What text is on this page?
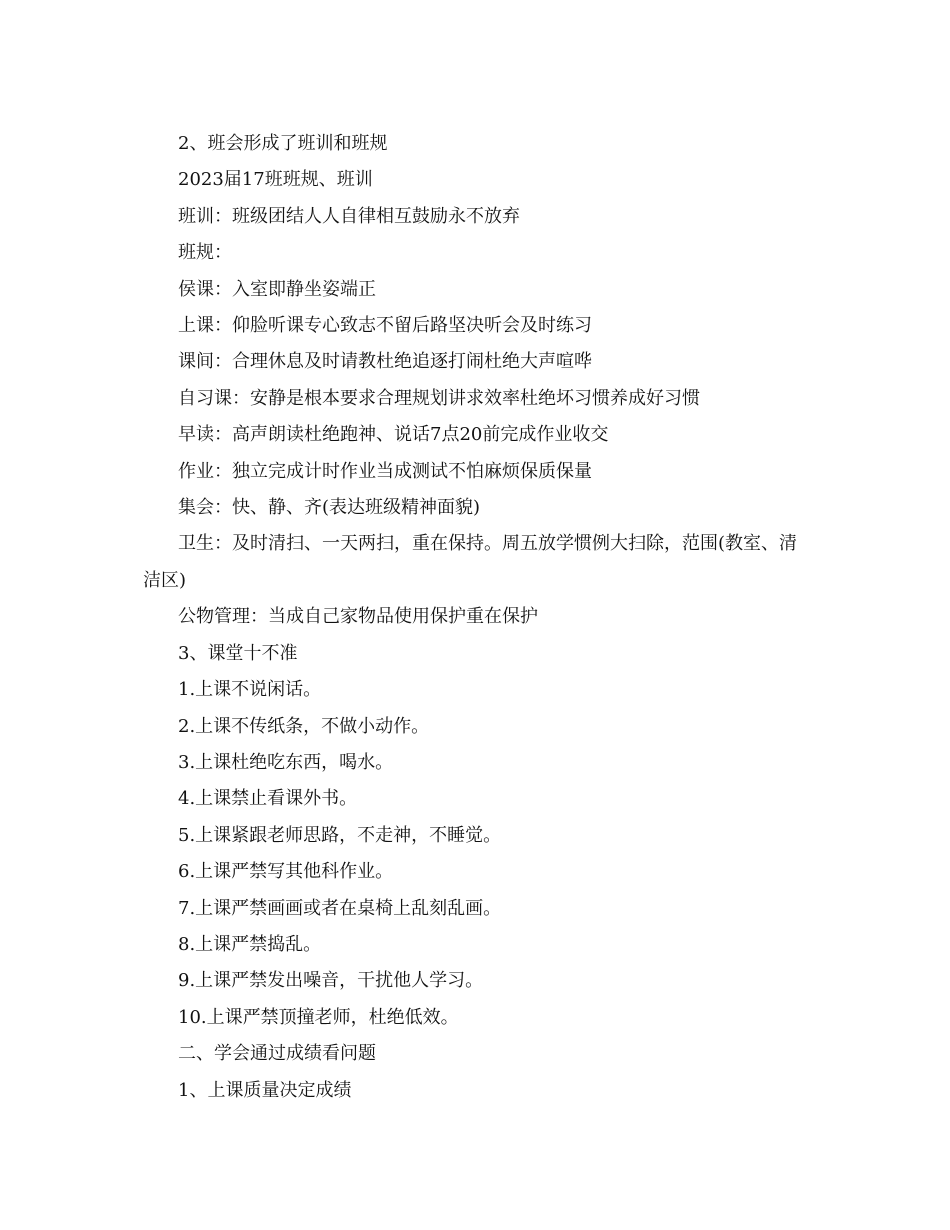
2、班会形成了班训和班规

2023届17班班规、班训

班训：班级团结人人自律相互鼓励永不放弃

班规：

侯课：入室即静坐姿端正

上课：仰脸听课专心致志不留后路坚决听会及时练习

课间：合理休息及时请教杜绝追逐打闹杜绝大声喧哗

自习课：安静是根本要求合理规划讲求效率杜绝坏习惯养成好习惯

早读：高声朗读杜绝跑神、说话7点20前完成作业收交

作业：独立完成计时作业当成测试不怕麻烦保质保量

集会：快、静、齐(表达班级精神面貌)

卫生：及时清扫、一天两扫，重在保持。周五放学惯例大扫除，范围(教室、清洁区)

公物管理：当成自己家物品使用保护重在保护

3、课堂十不准

1.上课不说闲话。

2.上课不传纸条，不做小动作。

3.上课杜绝吃东西，喝水。

4.上课禁止看课外书。

5.上课紧跟老师思路，不走神，不睡觉。

6.上课严禁写其他科作业。

7.上课严禁画画或者在桌椅上乱刻乱画。

8.上课严禁捣乱。

9.上课严禁发出噪音，干扰他人学习。

10.上课严禁顶撞老师，杜绝低效。

二、学会通过成绩看问题

1、上课质量决定成绩
